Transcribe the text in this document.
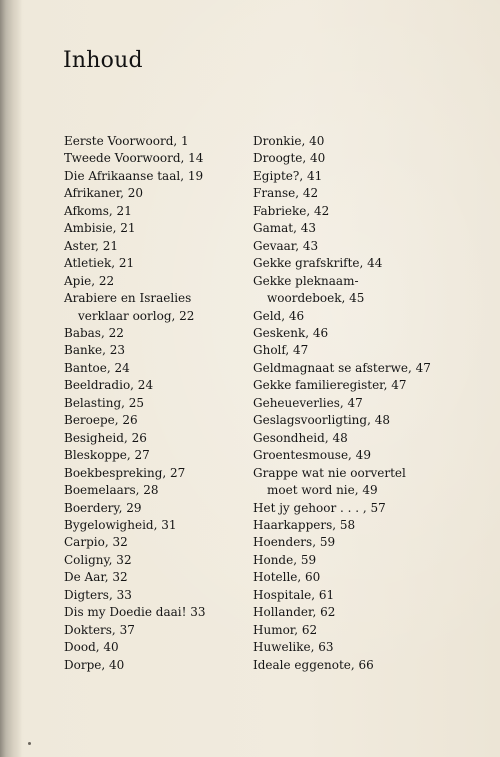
Inhoud
Eerste Voorwoord, 1
Tweede Voorwoord, 14
Die Afrikaanse taal, 19
Afrikaner, 20
Afkoms, 21
Ambisie, 21
Aster, 21
Atletiek, 21
Apie, 22
Arabiere en Israelies
verklaar oorlog, 22
Babas, 22
Banke, 23
Bantoe, 24
Beeldradio, 24
Belasting, 25
Beroepe, 26
Besigheid, 26
Bleskoppe, 27
Boekbespreking, 27
Boemelaars, 28
Boerdery, 29
Bygelowigheid, 31
Carpio, 32
Coligny, 32
De Aar, 32
Digters, 33
Dis my Doedie daai! 33
Dokters, 37
Dood, 40
Dorpe, 40
Dronkie, 40
Droogte, 40
Egipte?, 41
Franse, 42
Fabrieke, 42
Gamat, 43
Gevaar, 43
Gekke grafskrifte, 44
Gekke pleknaam-
woordeboek, 45
Geld, 46
Geskenk, 46
Gholf, 47
Geldmagnaat se afsterwe, 47
Gekke familieregister, 47
Geheueverlies, 47
Geslagsvoorligting, 48
Gesondheid, 48
Groentesmouse, 49
Grappe wat nie oorvertel
moet word nie, 49
Het jy gehoor . . . , 57
Haarkappers, 58
Hoenders, 59
Honde, 59
Hotelle, 60
Hospitale, 61
Hollander, 62
Humor, 62
Huwelike, 63
Ideale eggenote, 66
